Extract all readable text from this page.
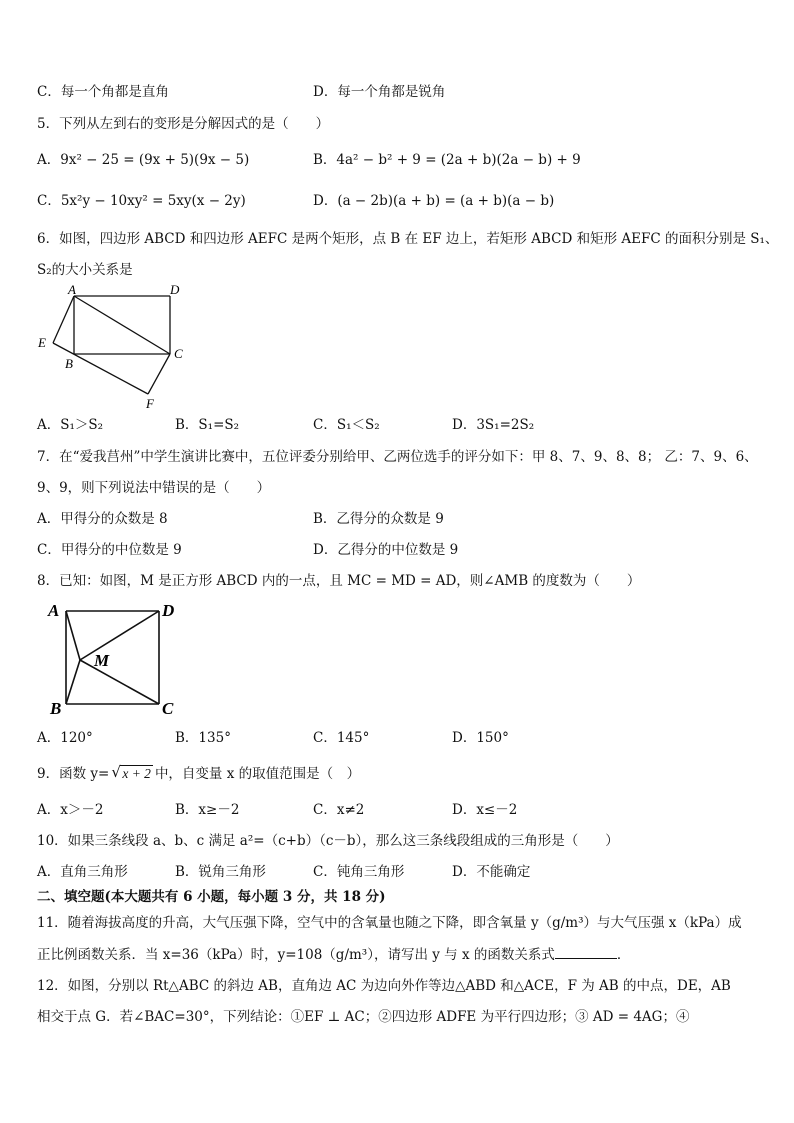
C．每一个角都是直角	D．每一个角都是锐角
5．下列从左到右的变形是分解因式的是（　　）
A．9x² − 25 = (9x + 5)(9x − 5)	B．4a² − b² + 9 = (2a + b)(2a − b) + 9
C．5x²y − 10xy² = 5xy(x − 2y)	D．(a − 2b)(a + b) = (a + b)(a − b)
6．如图，四边形 ABCD 和四边形 AEFC 是两个矩形，点 B 在 EF 边上，若矩形 ABCD 和矩形 AEFC 的面积分别是 S₁、
S₂的大小关系是
A	D
E
B
C
F
A．S₁＞S₂	B．S₁=S₂	C．S₁＜S₂	D．3S₁=2S₂
7．在“爱我莒州”中学生演讲比赛中，五位评委分别给甲、乙两位选手的评分如下：甲 8、7、9、8、8； 乙：7、9、6、
9、9，则下列说法中错误的是（　　）
A．甲得分的众数是 8	B．乙得分的众数是 9
C．甲得分的中位数是 9	D．乙得分的中位数是 9
8．已知：如图，M 是正方形 ABCD 内的一点，且 MC = MD = AD，则∠AMB 的度数为（　　）
A	D
M
B	C
A．120°	B．135°	C．145°	D．150°
9．函数 y= √ x + 2 中，自变量 x 的取值范围是（　）
A．x＞－2	B．x≥－2	C．x≠2	D．x≤－2
10．如果三条线段 a、b、c 满足 a²=（c+b）（c－b），那么这三条线段组成的三角形是（　　）
A．直角三角形	B．锐角三角形	C．钝角三角形	D．不能确定
二、填空题(本大题共有 6 小题，每小题 3 分，共 18 分)
11．随着海拔高度的升高，大气压强下降，空气中的含氧量也随之下降，即含氧量 y（g/m³）与大气压强 x（kPa）成
正比例函数关系．当 x=36（kPa）时，y=108（g/m³），请写出 y 与 x 的函数关系式	．
12．如图，分别以 Rt△ABC 的斜边 AB，直角边 AC 为边向外作等边△ABD 和△ACE，F 为 AB 的中点，DE，AB
相交于点 G．若∠BAC=30°，下列结论：①EF ⊥ AC；②四边形 ADFE 为平行四边形；③ AD = 4AG；④
